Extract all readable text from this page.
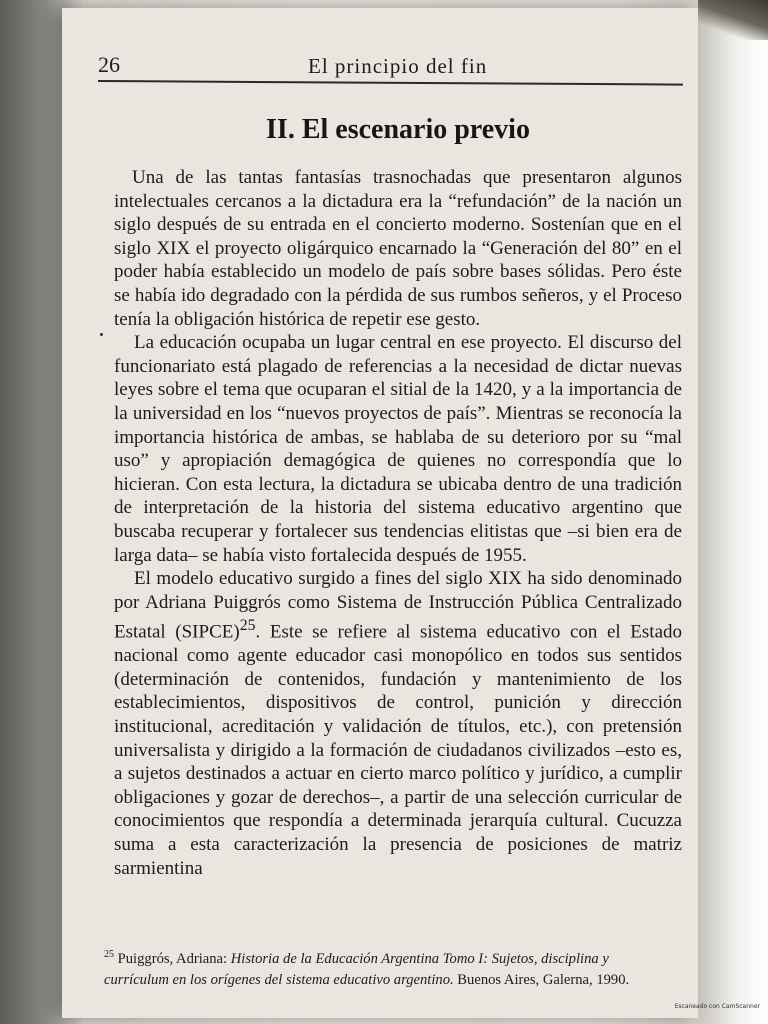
26	El principio del fin
II. El escenario previo

Una de las tantas fantasías trasnochadas que presentaron algunos intelectuales cercanos a la dictadura era la “refundación” de la nación un siglo después de su entrada en el concierto moderno. Sostenían que en el siglo XIX el proyecto oligárquico encarnado la “Generación del 80” en el poder había establecido un modelo de país sobre bases sólidas. Pero éste se había ido degradado con la pérdida de sus rumbos señeros, y el Proceso tenía la obligación histórica de repetir ese gesto.

La educación ocupaba un lugar central en ese proyecto. El discurso del funcionariato está plagado de referencias a la necesidad de dictar nuevas leyes sobre el tema que ocuparan el sitial de la 1420, y a la importancia de la universidad en los “nuevos proyectos de país”. Mientras se reconocía la importancia histórica de ambas, se hablaba de su deterioro por su “mal uso” y apropiación demagógica de quienes no correspondía que lo hicieran. Con esta lectura, la dictadura se ubicaba dentro de una tradición de interpretación de la historia del sistema educativo argentino que buscaba recuperar y fortalecer sus tendencias elitistas que –si bien era de larga data– se había visto fortalecida después de 1955.

El modelo educativo surgido a fines del siglo XIX ha sido denominado por Adriana Puiggrós como Sistema de Instrucción Pública Centralizado Estatal (SIPCE)$^{25}$. Este se refiere al sistema educativo con el Estado nacional como agente educador casi monopólico en todos sus sentidos (determinación de contenidos, fundación y mantenimiento de los establecimientos, dispositivos de control, punición y dirección institucional, acreditación y validación de títulos, etc.), con pretensión universalista y dirigido a la formación de ciudadanos civilizados –esto es, a sujetos destinados a actuar en cierto marco político y jurídico, a cumplir obligaciones y gozar de derechos–, a partir de una selección curricular de conocimientos que respondía a determinada jerarquía cultural. Cucuzza suma a esta caracterización la presencia de posiciones de matriz sarmientina

$^{25}$ Puiggrós, Adriana: Historia de la Educación Argentina Tomo I: Sujetos, disciplina y currículum en los orígenes del sistema educativo argentino. Buenos Aires, Galerna, 1990.
Escaneado con CamScanner
